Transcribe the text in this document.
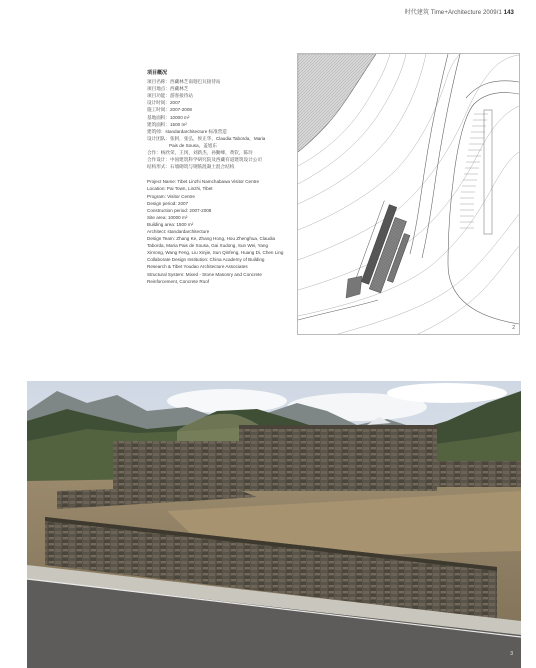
时代建筑 Time+Architecture 2009/1 143
项目概况
项目名称：西藏林芝南迦巴瓦接待站
项目地点：西藏林芝
项目功能：游客接待站
设计时间：2007
施工时间：2007-2008
基地面积：10000 m²
建筑面积：1500 m²
建筑师：standardarchitecture 标准营造
设计团队：张轲，张弘，侯正华，Claudia Taborda，Maria
Pais de Sousa，盖旭东
合作：杨欣荣，王冈，刘新杰，孙勤峰，黄钦，陈玲
合作设计：中国建筑科学研究院及西藏有道建筑设计公司
结构形式：石墙砌筑与钢筋混凝土混合结构
Project Name: Tibet Linzhi Namchabawa Visitor Centre
Location: Pai Town, Linzhi, Tibet
Program: Visitor Centre
Design period: 2007
Construction period: 2007-2008
Site area: 10000 m²
Building area: 1500 m²
Architect: standardarchitecture
Design Team: Zhang Ke, Zhang Hong, Hou Zhenghua, Claudia Taborda, Maria Pais de Sousa, Gai Xudong, Sun Wei, Yang Xinrong, Wang Feng, Liu Xinjie, Sun Qinfeng, Huang Di, Chen Ling
Collaborate Design Institution: China Academy of Building Research & Tibet Youdao Architecture Associates
Structural System: Mixed - Stone Masonry and Concrete Reinforcement, Concrete Roof
2
3
